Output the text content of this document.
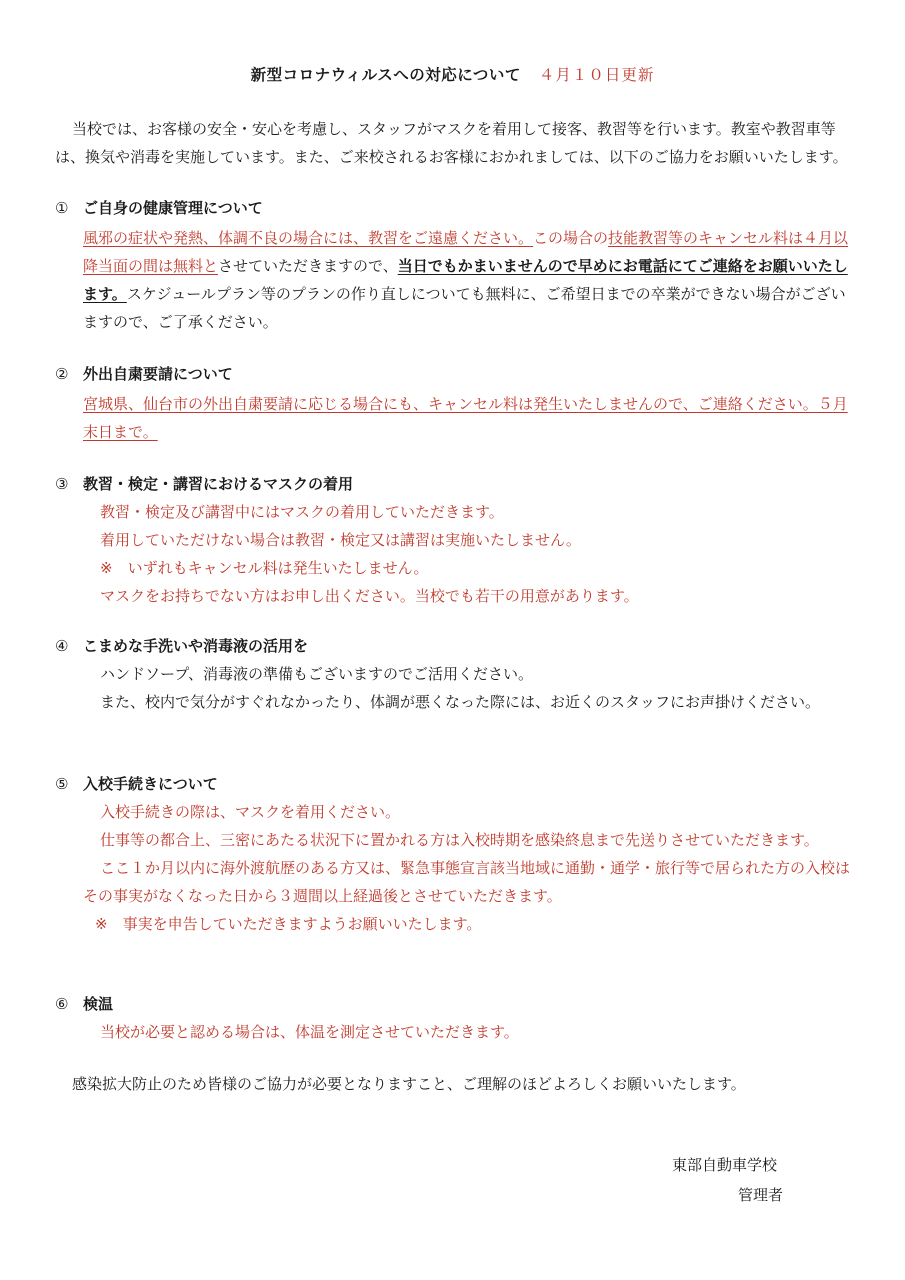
新型コロナウィルスへの対応について ４月１０日更新
当校では、お客様の安全・安心を考慮し、スタッフがマスクを着用して接客、教習等を行います。教室や教習車等は、換気や消毒を実施しています。また、ご来校されるお客様におかれましては、以下のご協力をお願いいたします。
① ご自身の健康管理について
風邪の症状や発熱、体調不良の場合には、教習をご遠慮ください。この場合の技能教習等のキャンセル料は４月以降当面の間は無料とさせていただきますので、当日でもかまいませんので早めにお電話にてご連絡をお願いいたします。スケジュールプラン等のプランの作り直しについても無料に、ご希望日までの卒業ができない場合がございますので、ご了承ください。
② 外出自粛要請について
宮城県、仙台市の外出自粛要請に応じる場合にも、キャンセル料は発生いたしませんので、ご連絡ください。５月末日まで。
③ 教習・検定・講習におけるマスクの着用
教習・検定及び講習中にはマスクの着用していただきます。
着用していただけない場合は教習・検定又は講習は実施いたしません。
※　いずれもキャンセル料は発生いたしません。
マスクをお持ちでない方はお申し出ください。当校でも若干の用意があります。
④ こまめな手洗いや消毒液の活用を
ハンドソープ、消毒液の準備もございますのでご活用ください。
また、校内で気分がすぐれなかったり、体調が悪くなった際には、お近くのスタッフにお声掛けください。
⑤ 入校手続きについて
入校手続きの際は、マスクを着用ください。
仕事等の都合上、三密にあたる状況下に置かれる方は入校時期を感染終息まで先送りさせていただきます。
ここ１か月以内に海外渡航歴のある方又は、緊急事態宣言該当地域に通勤・通学・旅行等で居られた方の入校はその事実がなくなった日から３週間以上経過後とさせていただきます。
※　事実を申告していただきますようお願いいたします。
⑥ 検温
当校が必要と認める場合は、体温を測定させていただきます。
感染拡大防止のため皆様のご協力が必要となりますこと、ご理解のほどよろしくお願いいたします。
東部自動車学校
管理者
